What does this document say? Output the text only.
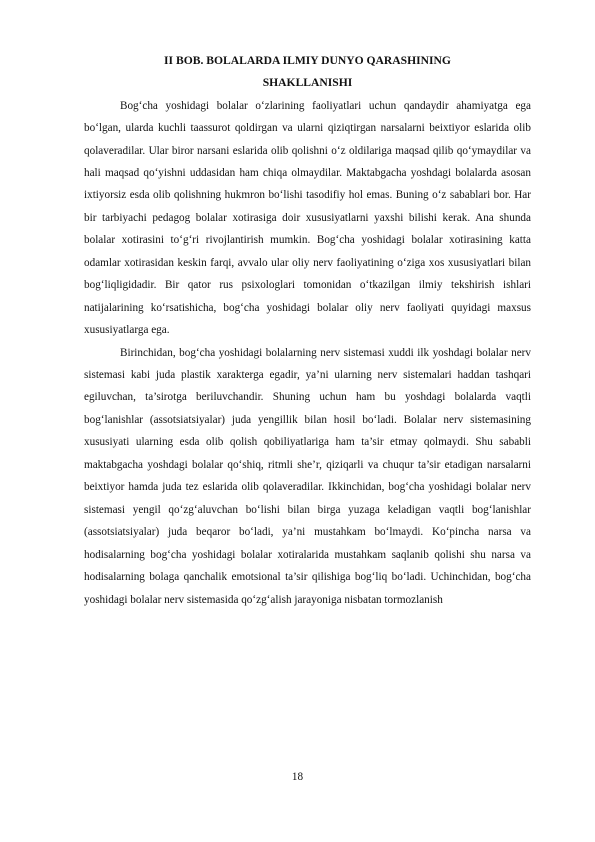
II BOB. BOLALARDA ILMIY DUNYO QARASHINING

SHAKLLANISHI

Bog‘cha yoshidagi bolalar o‘zlarining faoliyatlari uchun qandaydir ahamiyatga ega bo‘lgan, ularda kuchli taassurot qoldirgan va ularni qiziqtirgan narsalarni beixtiyor eslarida olib qolaveradilar. Ular biror narsani eslarida olib qolishni o‘z oldilariga maqsad qilib qo‘ymaydilar va hali maqsad qo‘yishni uddasidan ham chiqa olmaydilar. Maktabgacha yoshdagi bolalarda asosan ixtiyorsiz esda olib qolishning hukmron bo‘lishi tasodifiy hol emas. Buning o‘z sabablari bor. Har bir tarbiyachi pedagog bolalar xotirasiga doir xususiyatlarni yaxshi bilishi kerak. Ana shunda bolalar xotirasini to‘g‘ri rivojlantirish mumkin. Bog‘cha yoshidagi bolalar xotirasining katta odamlar xotirasidan keskin farqi, avvalo ular oliy nerv faoliyatining o‘ziga xos xususiyatlari bilan bog‘liqligidadir. Bir qator rus psixologlari tomonidan o‘tkazilgan ilmiy tekshirish ishlari natijalarining ko‘rsatishicha, bog‘cha yoshidagi bolalar oliy nerv faoliyati quyidagi maxsus xususiyatlarga ega.

Birinchidan, bog‘cha yoshidagi bolalarning nerv sistemasi xuddi ilk yoshdagi bolalar nerv sistemasi kabi juda plastik xarakterga egadir, ya’ni ularning nerv sistemalari haddan tashqari egiluvchan, ta’sirotga beriluvchandir. Shuning uchun ham bu yoshdagi bolalarda vaqtli bog‘lanishlar (assotsiatsiyalar) juda yengillik bilan hosil bo‘ladi. Bolalar nerv sistemasining xususiyati ularning esda olib qolish qobiliyatlariga ham ta’sir etmay qolmaydi. Shu sababli maktabgacha yoshdagi bolalar qo‘shiq, ritmli she’r, qiziqarli va chuqur ta’sir etadigan narsalarni beixtiyor hamda juda tez eslarida olib qolaveradilar. Ikkinchidan, bog‘cha yoshidagi bolalar nerv sistemasi yengil qo‘zg‘aluvchan bo‘lishi bilan birga yuzaga keladigan vaqtli bog‘lanishlar (assotsiatsiyalar) juda beqaror bo‘ladi, ya’ni mustahkam bo‘lmaydi. Ko‘pincha narsa va hodisalarning bog‘cha yoshidagi bolalar xotiralarida mustahkam saqlanib qolishi shu narsa va hodisalarning bolaga qanchalik emotsional ta’sir qilishiga bog‘liq bo‘ladi. Uchinchidan, bog‘cha yoshidagi bolalar nerv sistemasida qo‘zg‘alish jarayoniga nisbatan tormozlanish

18
